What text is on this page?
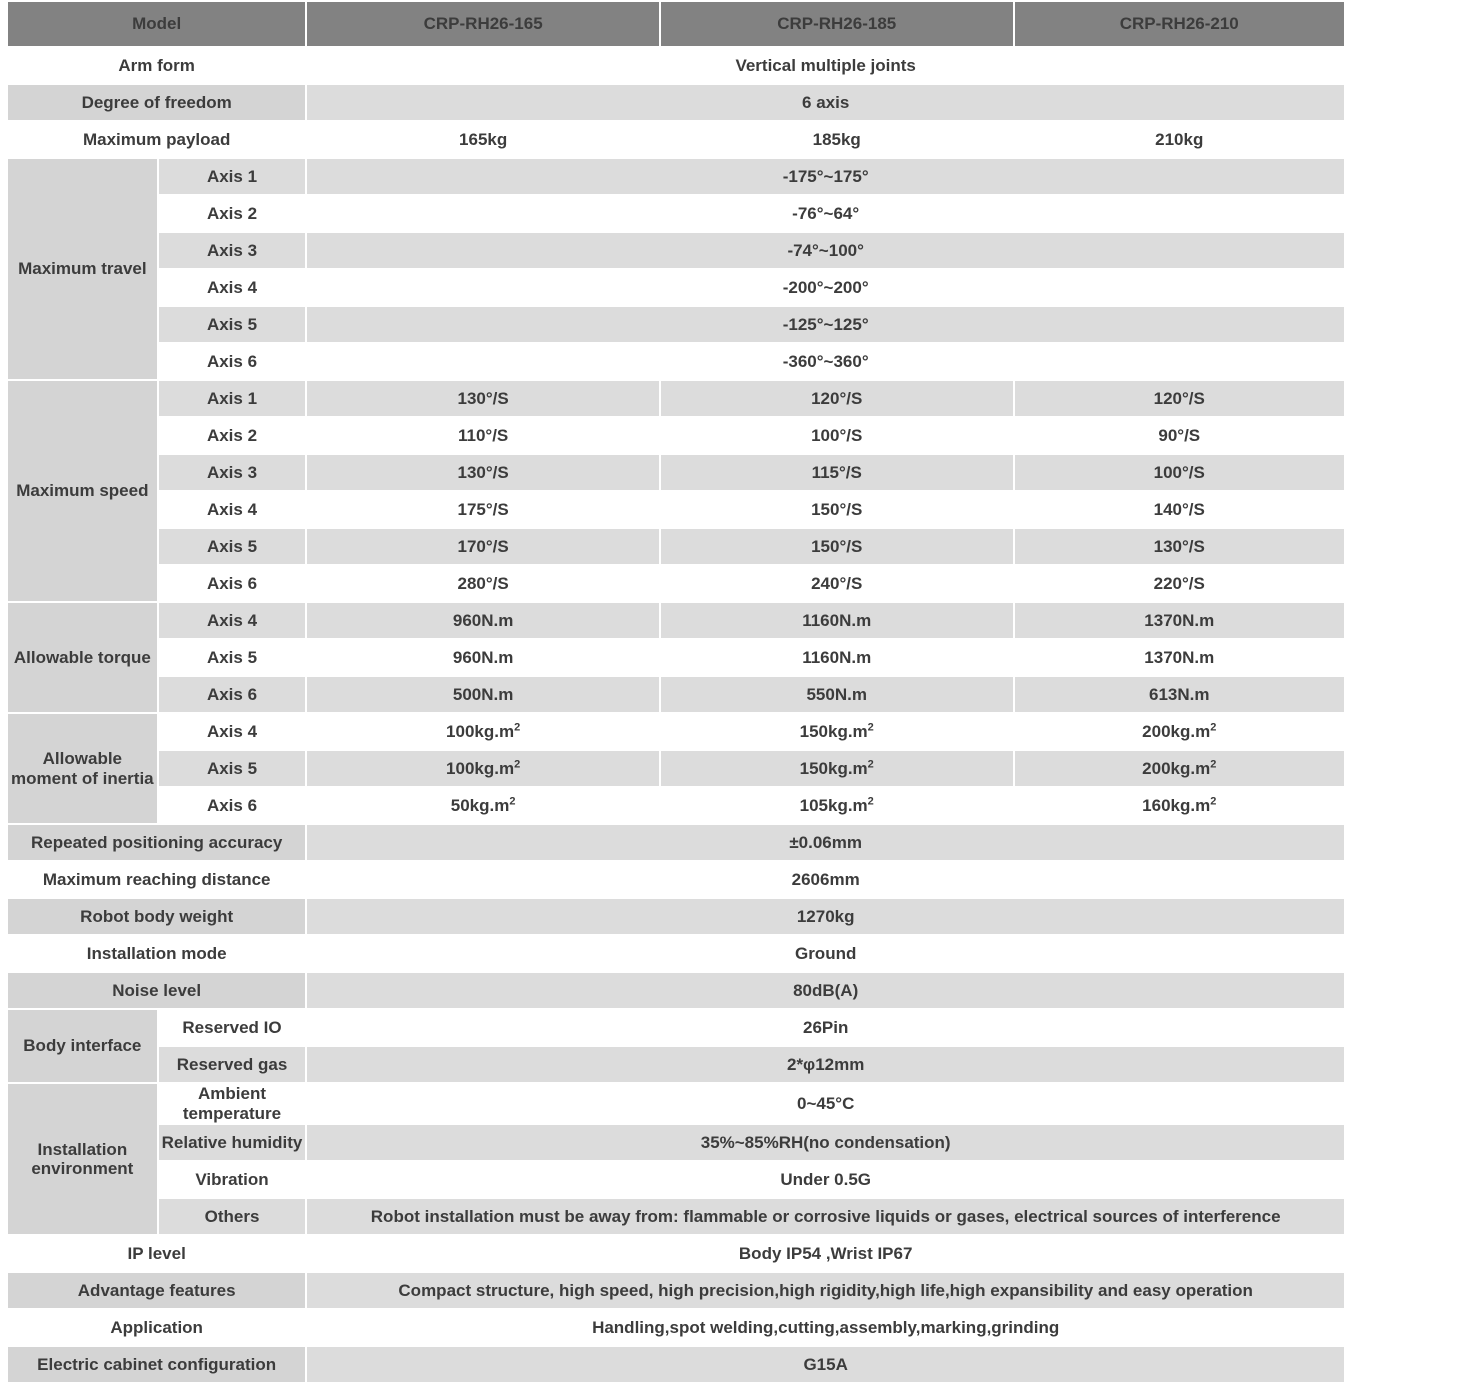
Model		CRP-RH26-165	CRP-RH26-185	CRP-RH26-210
Arm form		Vertical multiple joints		
Degree of freedom		6 axis		
Maximum payload		165kg	185kg	210kg
Maximum travel	Axis 1	-175°~175°		
	Axis 2	-76°~64°		
	Axis 3	-74°~100°		
	Axis 4	-200°~200°		
	Axis 5	-125°~125°		
	Axis 6	-360°~360°		
Maximum speed	Axis 1	130°/S	120°/S	120°/S
	Axis 2	110°/S	100°/S	90°/S
	Axis 3	130°/S	115°/S	100°/S
	Axis 4	175°/S	150°/S	140°/S
	Axis 5	170°/S	150°/S	130°/S
	Axis 6	280°/S	240°/S	220°/S
Allowable torque	Axis 4	960N.m	1160N.m	1370N.m
	Axis 5	960N.m	1160N.m	1370N.m
	Axis 6	500N.m	550N.m	613N.m
Allowable moment of inertia	Axis 4	$100kg.m^2$	$150kg.m^2$	$200kg.m^2$
	Axis 5	$100kg.m^2$	$150kg.m^2$	$200kg.m^2$
	Axis 6	$50kg.m^2$	$105kg.m^2$	$160kg.m^2$
Repeated positioning accuracy		±0.06mm		
Maximum reaching distance		2606mm		
Robot body weight		1270kg		
Installation mode		Ground		
Noise level		80dB(A)		
Body interface	Reserved IO	26Pin		
	Reserved gas	2*φ12mm		
Installation environment	Ambient temperature	0~45°C		
	Relative humidity	35%~85%RH(no condensation)		
	Vibration	Under 0.5G		
	Others	Robot installation must be away from: flammable or corrosive liquids or gases, electrical sources of interference		
IP level		Body IP54 ,Wrist IP67		
Advantage features		Compact structure, high speed, high precision,high rigidity,high life,high expansibility and easy operation		
Application		Handling,spot welding,cutting,assembly,marking,grinding		
Electric cabinet configuration		G15A		
